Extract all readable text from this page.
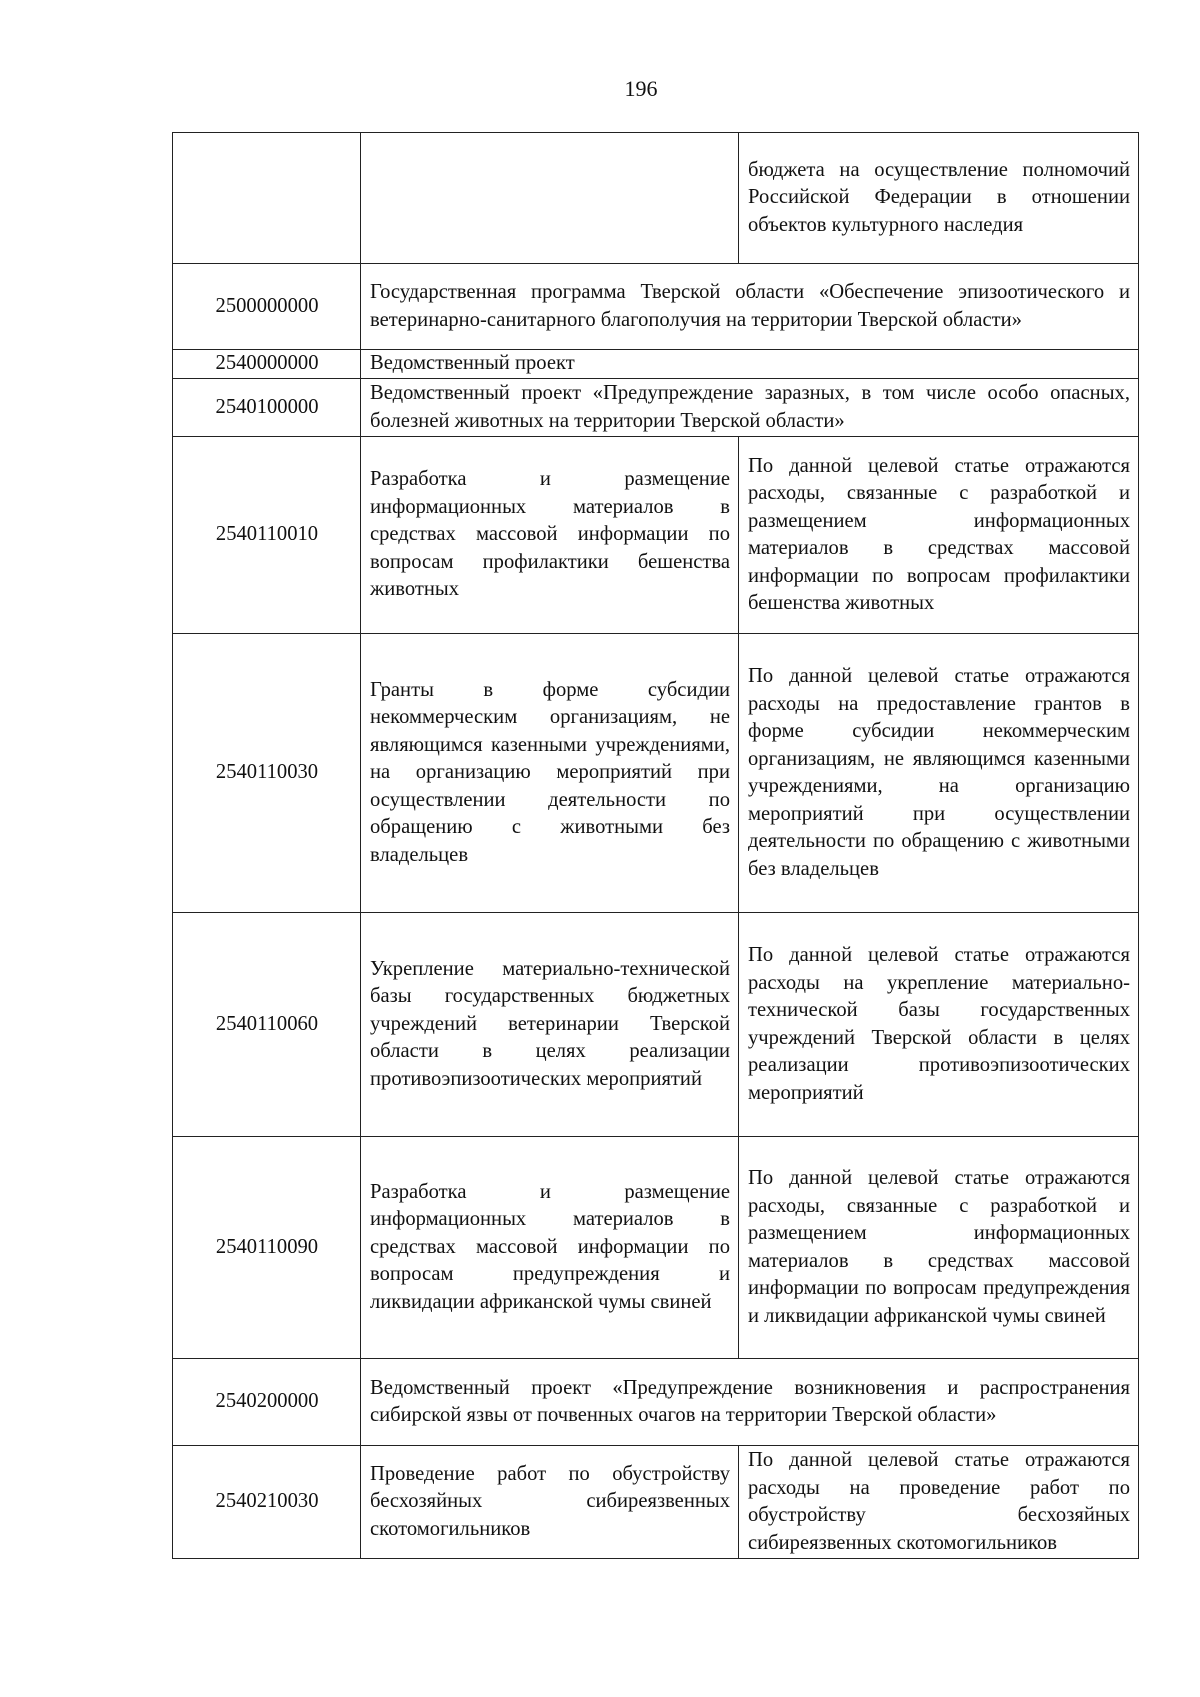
196
		бюджета на осуществление полномочий Российской Федерации в отношении объектов культурного наследия
2500000000	Государственная программа Тверской области «Обеспечение эпизоотического и ветеринарно-санитарного благополучия на территории Тверской области»	
2540000000	Ведомственный проект	
2540100000	Ведомственный проект «Предупреждение заразных, в том числе особо опасных, болезней животных на территории Тверской области»	
2540110010	Разработка и размещение информационных материалов в средствах массовой информации по вопросам профилактики бешенства животных	По данной целевой статье отражаются расходы, связанные с разработкой и размещением информационных материалов в средствах массовой информации по вопросам профилактики бешенства животных
2540110030	Гранты в форме субсидии некоммерческим организациям, не являющимся казенными учреждениями, на организацию мероприятий при осуществлении деятельности по обращению с животными без владельцев	По данной целевой статье отражаются расходы на предоставление грантов в форме субсидии некоммерческим организациям, не являющимся казенными учреждениями, на организацию мероприятий при осуществлении деятельности по обращению с животными без владельцев
2540110060	Укрепление материально-технической базы государственных бюджетных учреждений ветеринарии Тверской области в целях реализации противоэпизоотических мероприятий	По данной целевой статье отражаются расходы на укрепление материально-технической базы государственных учреждений Тверской области в целях реализации противоэпизоотических мероприятий
2540110090	Разработка и размещение информационных материалов в средствах массовой информации по вопросам предупреждения и ликвидации африканской чумы свиней	По данной целевой статье отражаются расходы, связанные с разработкой и размещением информационных материалов в средствах массовой информации по вопросам предупреждения и ликвидации африканской чумы свиней
2540200000	Ведомственный проект «Предупреждение возникновения и распространения сибирской язвы от почвенных очагов на территории Тверской области»	
2540210030	Проведение работ по обустройству бесхозяйных сибиреязвенных скотомогильников	По данной целевой статье отражаются расходы на проведение работ по обустройству бесхозяйных сибиреязвенных скотомогильников
